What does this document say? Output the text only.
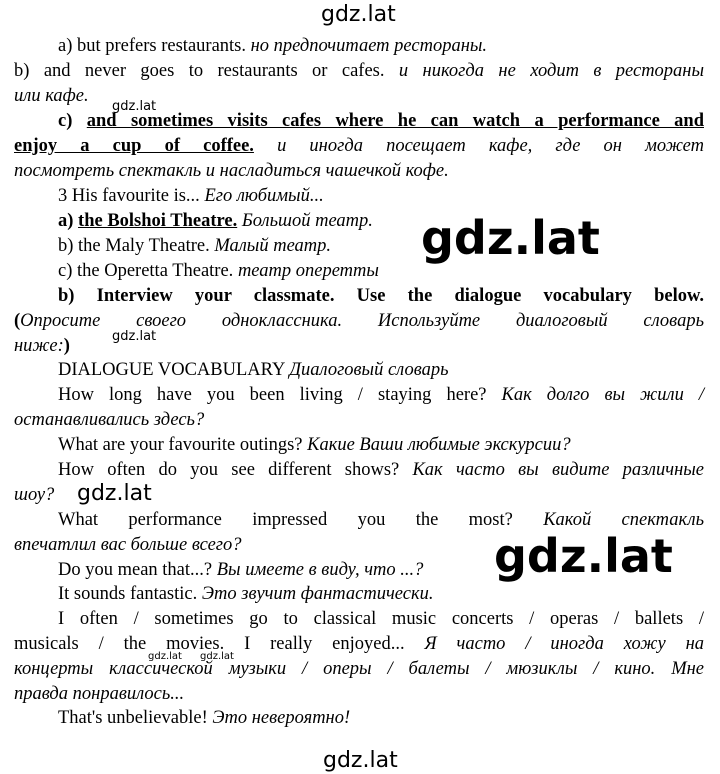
gdz.lat
a) but prefers restaurants. но предпочитает рестораны.
b) and never goes to restaurants or cafes. и никогда не ходит в рестораны
или кафе.
gdz.lat
c) and sometimes visits cafes where he can watch a performance and
enjoy a cup of coffee. и иногда посещает кафе, где он может
посмотреть спектакль и насладиться чашечкой кофе.
3 His favourite is... Его любимый...
a) the Bolshoi Theatre. Большой театр.	gdz.lat
b) the Maly Theatre. Малый театр.
c) the Operetta Theatre. театр оперетты
b) Interview your classmate. Use the dialogue vocabulary below.
(Опросите своего одноклассника. Используйте диалоговый словарь
ниже:)	gdz.lat
DIALOGUE VOCABULARY Диалоговый словарь
How long have you been living / staying here? Как долго вы жили /
останавливались здесь?
What are your favourite outings? Какие Ваши любимые экскурсии?
How often do you see different shows? Как часто вы видите различные
шоу?	gdz.lat
What performance impressed you the most? Какой спектакль
впечатлил вас больше всего?
Do you mean that...? Вы имеете в виду, что ...?	gdz.lat
It sounds fantastic. Это звучит фантастически.
I often / sometimes go to classical music concerts / operas / ballets /
musicals / the movies. I really enjoyed... Я часто / иногда хожу на
концерты классической музыки / оперы / балеты / мюзиклы / кино. Мне
gdz.lat gdz.lat
правда понравилось...
That's unbelievable! Это невероятно!
gdz.lat
